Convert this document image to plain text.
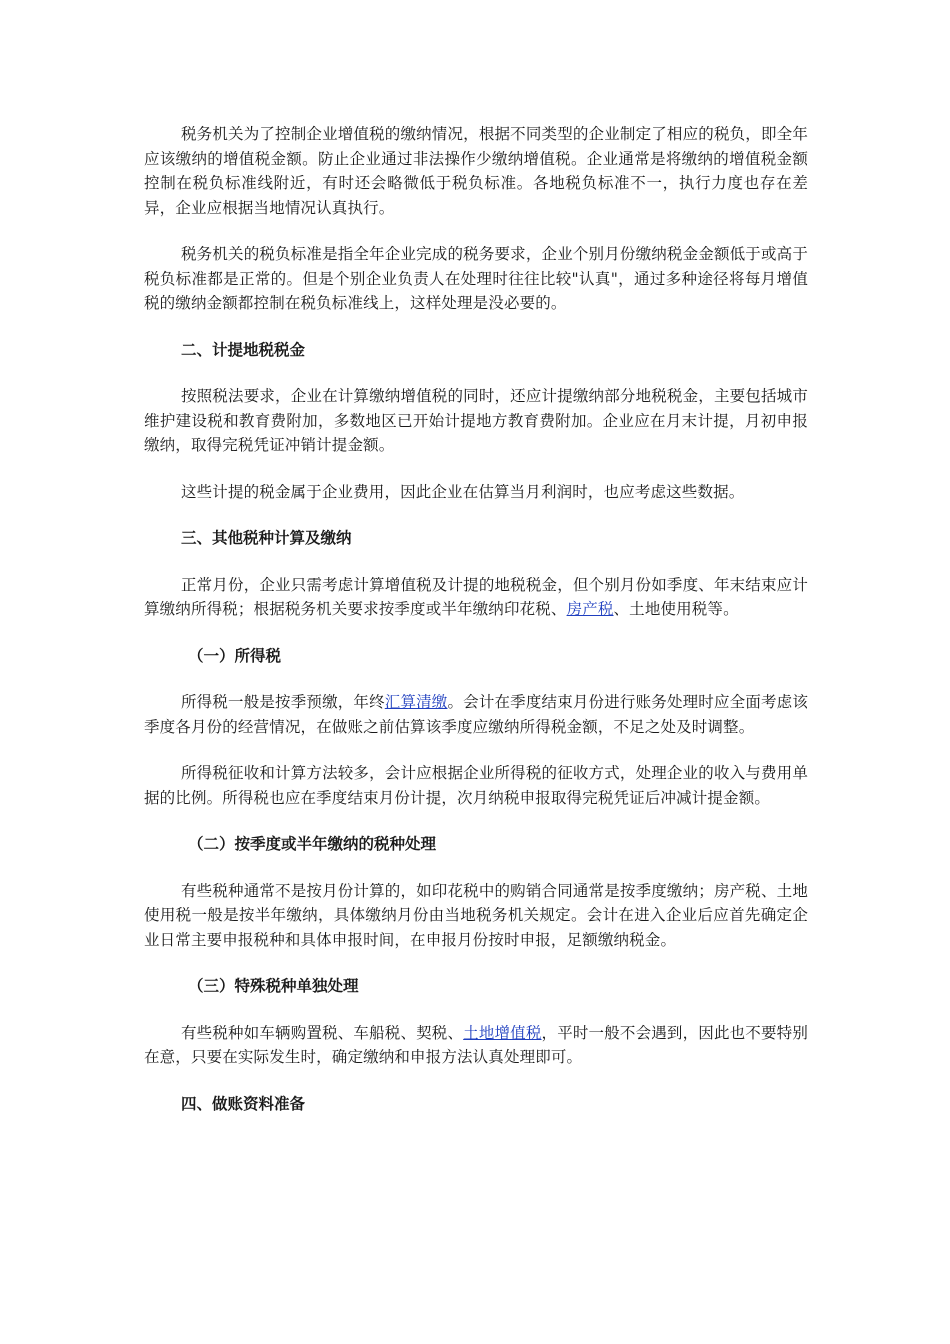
税务机关为了控制企业增值税的缴纳情况，根据不同类型的企业制定了相应的税负，即全年应该缴纳的增值税金额。防止企业通过非法操作少缴纳增值税。企业通常是将缴纳的增值税金额控制在税负标准线附近，有时还会略微低于税负标准。各地税负标准不一，执行力度也存在差异，企业应根据当地情况认真执行。

税务机关的税负标准是指全年企业完成的税务要求，企业个别月份缴纳税金金额低于或高于税负标准都是正常的。但是个别企业负责人在处理时往往比较"认真"，通过多种途径将每月增值税的缴纳金额都控制在税负标准线上，这样处理是没必要的。

二、计提地税税金

按照税法要求，企业在计算缴纳增值税的同时，还应计提缴纳部分地税税金，主要包括城市维护建设税和教育费附加，多数地区已开始计提地方教育费附加。企业应在月末计提，月初申报缴纳，取得完税凭证冲销计提金额。

这些计提的税金属于企业费用，因此企业在估算当月利润时，也应考虑这些数据。

三、其他税种计算及缴纳

正常月份，企业只需考虑计算增值税及计提的地税税金，但个别月份如季度、年末结束应计算缴纳所得税；根据税务机关要求按季度或半年缴纳印花税、房产税、土地使用税等。

（一）所得税

所得税一般是按季预缴，年终汇算清缴。会计在季度结束月份进行账务处理时应全面考虑该季度各月份的经营情况，在做账之前估算该季度应缴纳所得税金额，不足之处及时调整。

所得税征收和计算方法较多，会计应根据企业所得税的征收方式，处理企业的收入与费用单据的比例。所得税也应在季度结束月份计提，次月纳税申报取得完税凭证后冲减计提金额。

（二）按季度或半年缴纳的税种处理

有些税种通常不是按月份计算的，如印花税中的购销合同通常是按季度缴纳；房产税、土地使用税一般是按半年缴纳，具体缴纳月份由当地税务机关规定。会计在进入企业后应首先确定企业日常主要申报税种和具体申报时间，在申报月份按时申报，足额缴纳税金。

（三）特殊税种单独处理

有些税种如车辆购置税、车船税、契税、土地增值税，平时一般不会遇到，因此也不要特别在意，只要在实际发生时，确定缴纳和申报方法认真处理即可。

四、做账资料准备
